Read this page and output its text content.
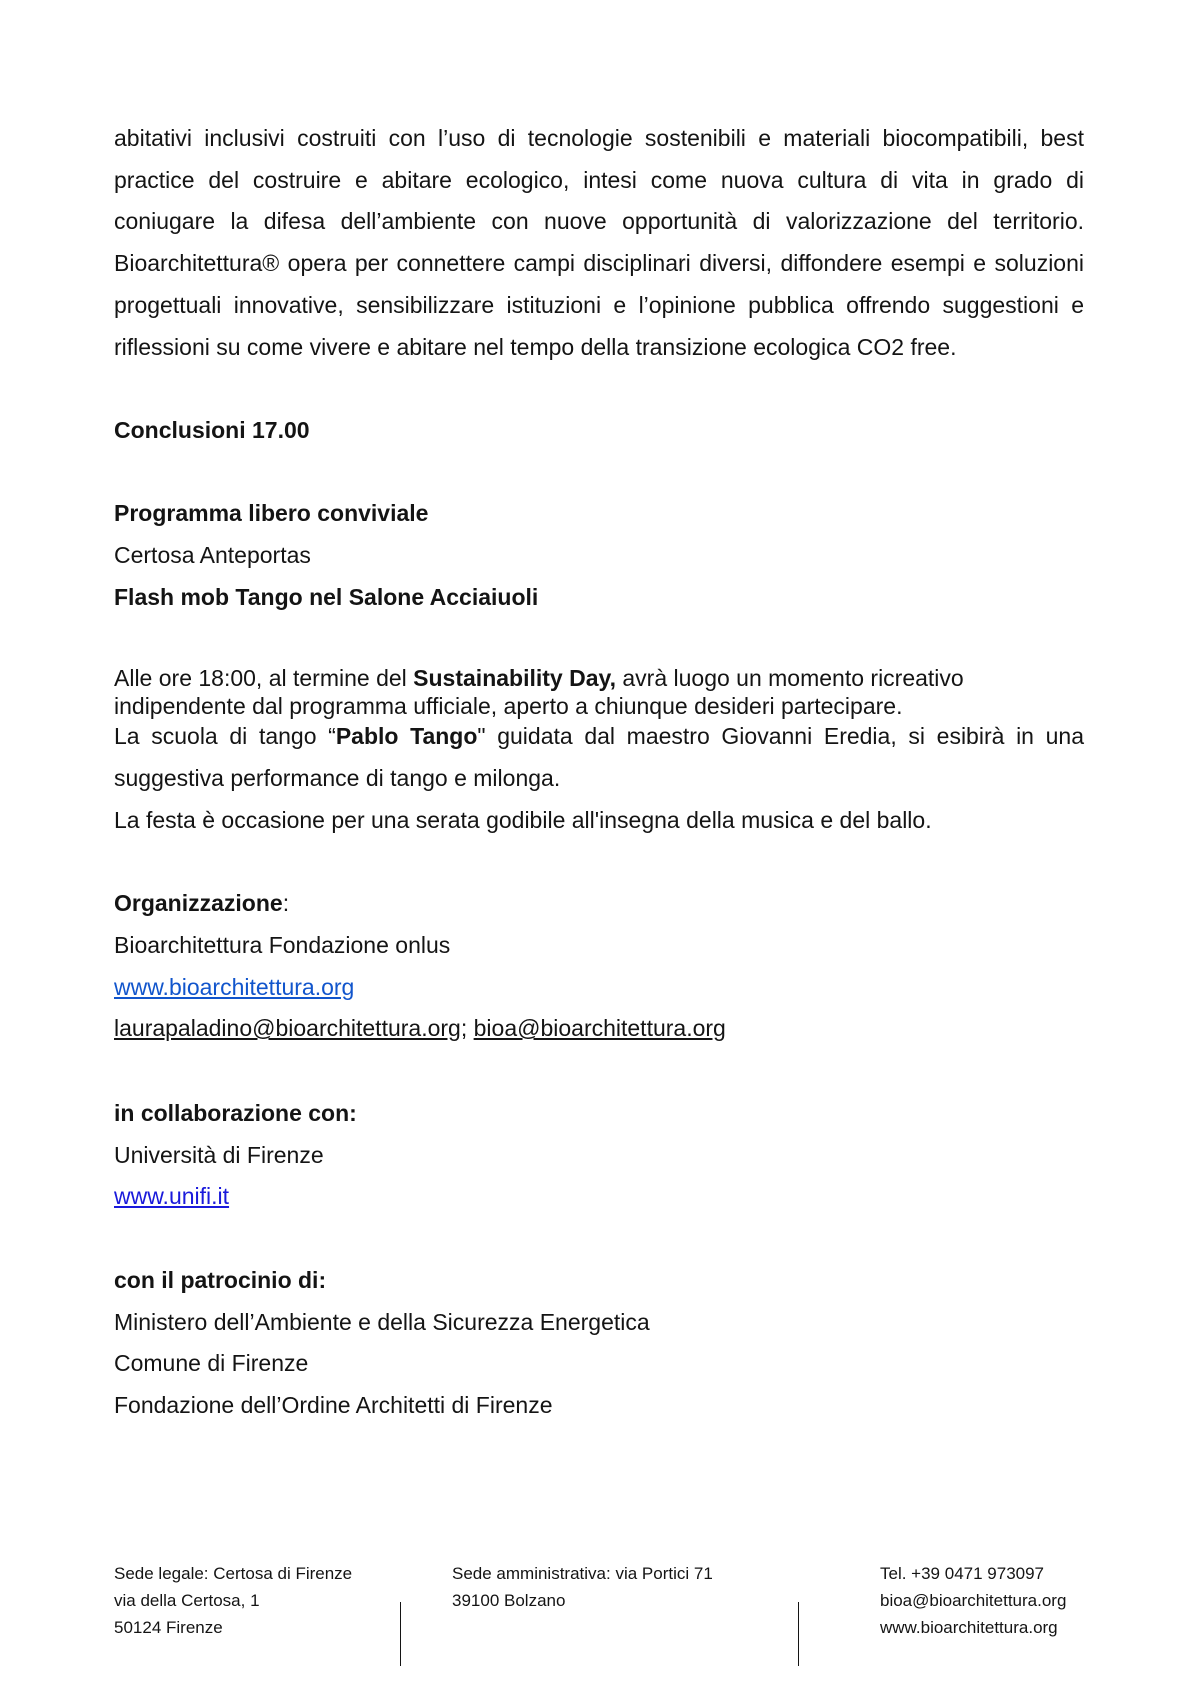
abitativi inclusivi costruiti con l’uso di tecnologie sostenibili e materiali biocompatibili, best practice del costruire e abitare ecologico, intesi come nuova cultura di vita in grado di coniugare la difesa dell’ambiente con nuove opportunità di valorizzazione del territorio. Bioarchitettura® opera per connettere campi disciplinari diversi, diffondere esempi e soluzioni progettuali innovative, sensibilizzare istituzioni e l’opinione pubblica offrendo suggestioni e riflessioni su come vivere e abitare nel tempo della transizione ecologica CO2 free.

Conclusioni 17.00

Programma libero conviviale

Certosa Anteportas

Flash mob Tango nel Salone Acciaiuoli

Alle ore 18:00, al termine del Sustainability Day, avrà luogo un momento ricreativo indipendente dal programma ufficiale, aperto a chiunque desideri partecipare.

La scuola di tango “Pablo Tango" guidata dal maestro Giovanni Eredia, si esibirà in una suggestiva performance di tango e milonga.

La festa è occasione per una serata godibile all'insegna della musica e del ballo.

Organizzazione:

Bioarchitettura Fondazione onlus

www.bioarchitettura.org

laurapaladino@bioarchitettura.org; bioa@bioarchitettura.org

in collaborazione con:

Università di Firenze

www.unifi.it

con il patrocinio di:

Ministero dell’Ambiente e della Sicurezza Energetica

Comune di Firenze

Fondazione dell’Ordine Architetti di Firenze

Sede legale: Certosa di Firenze

via della Certosa, 1

50124 Firenze

Sede amministrativa: via Portici 71

39100 Bolzano

Tel. +39 0471 973097

bioa@bioarchitettura.org

www.bioarchitettura.org
